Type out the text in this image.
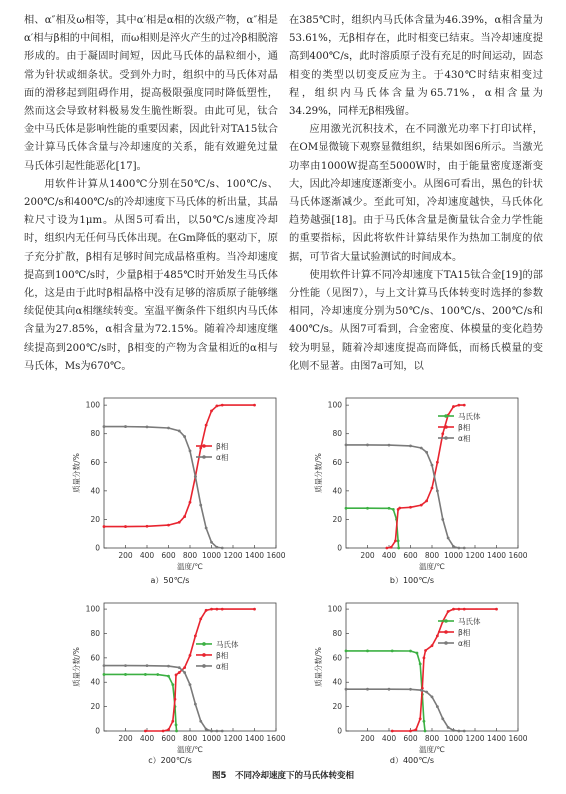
相、α″相及ω相等，其中α′相是α相的次级产物，α″相是α′相与β相的中间相，而ω相则是淬火产生的过冷β相脱溶形成的。由于凝固时间短，因此马氏体的晶粒细小，通常为针状或细条状。受到外力时，组织中的马氏体对晶面的滑移起到阻碍作用，提高极限强度同时降低塑性，然而这会导致材料极易发生脆性断裂。由此可见，钛合金中马氏体是影响性能的重要因素，因此针对TA15钛合金计算马氏体含量与冷却速度的关系，能有效避免过量马氏体引起性能恶化[17]。

用软件计算从1400℃分别在50℃/s、100℃/s、200℃/s和400℃/s的冷却速度下马氏体的析出量，其晶粒尺寸设为1μm。从图5可看出，以50℃/s速度冷却时，组织内无任何马氏体出现。在Gm降低的驱动下，原子充分扩散，β相有足够时间完成晶格重构。当冷却速度提高到100℃/s时，少量β相于485℃时开始发生马氏体化，这是由于此时β相晶格中没有足够的溶质原子能够继续促使其向α相继续转变。室温平衡条件下组织内马氏体含量为27.85%，α相含量为72.15%。随着冷却速度继续提高到200℃/s时，β相变的产物为含量相近的α相与马氏体，Ms为670℃。

在385℃时，组织内马氏体含量为46.39%，α相含量为53.61%，无β相存在，此时相变已结束。当冷却速度提高到400℃/s，此时溶质原子没有充足的时间运动，固态相变的类型以切变反应为主。于430℃时结束相变过程，组织内马氏体含量为65.71%，α相含量为34.29%，同样无β相残留。

应用激光沉积技术，在不同激光功率下打印试样，在OM显微镜下观察显微组织，结果如图6所示。当激光功率由1000W提高至5000W时，由于能量密度逐渐变大，因此冷却速度逐渐变小。从图6可看出，黑色的针状马氏体逐渐减少。至此可知，冷却速度越快，马氏体化趋势越强[18]。由于马氏体含量是衡量钛合金力学性能的重要指标，因此将软件计算结果作为热加工制度的依据，可节省大量试验测试的时间成本。

使用软件计算不同冷却速度下TA15钛合金[19]的部分性能（见图7），与上文计算马氏体转变时选择的参数相同，冷却速度分别为50℃/s、100℃/s、200℃/s和400℃/s。从图7可看到，合金密度、体模量的变化趋势较为明显，随着冷却速度提高而降低，而杨氏模量的变化则不显著。由图7a可知，以

200 400 600 800 1000 1200 1400 1600
0
20
40
60
80
100
温度/℃
质量分数/%
β相
α相
200 400 600 800 1000 1200 1400 1600
0
20
40
60
80
100
温度/℃
质量分数/%
马氏体
β相
α相
200 400 600 800 1000 1200 1400 1600
0
20
40
60
80
100
温度/℃
质量分数/%
马氏体
β相
α相
200 400 600 800 1000 1200 1400 1600
0
20
40
60
80
100
温度/℃
质量分数/%
马氏体
β相
α相
a）50℃/s	b）100℃/s
c）200℃/s	d）400℃/s
图5　不同冷却速度下的马氏体转变相
